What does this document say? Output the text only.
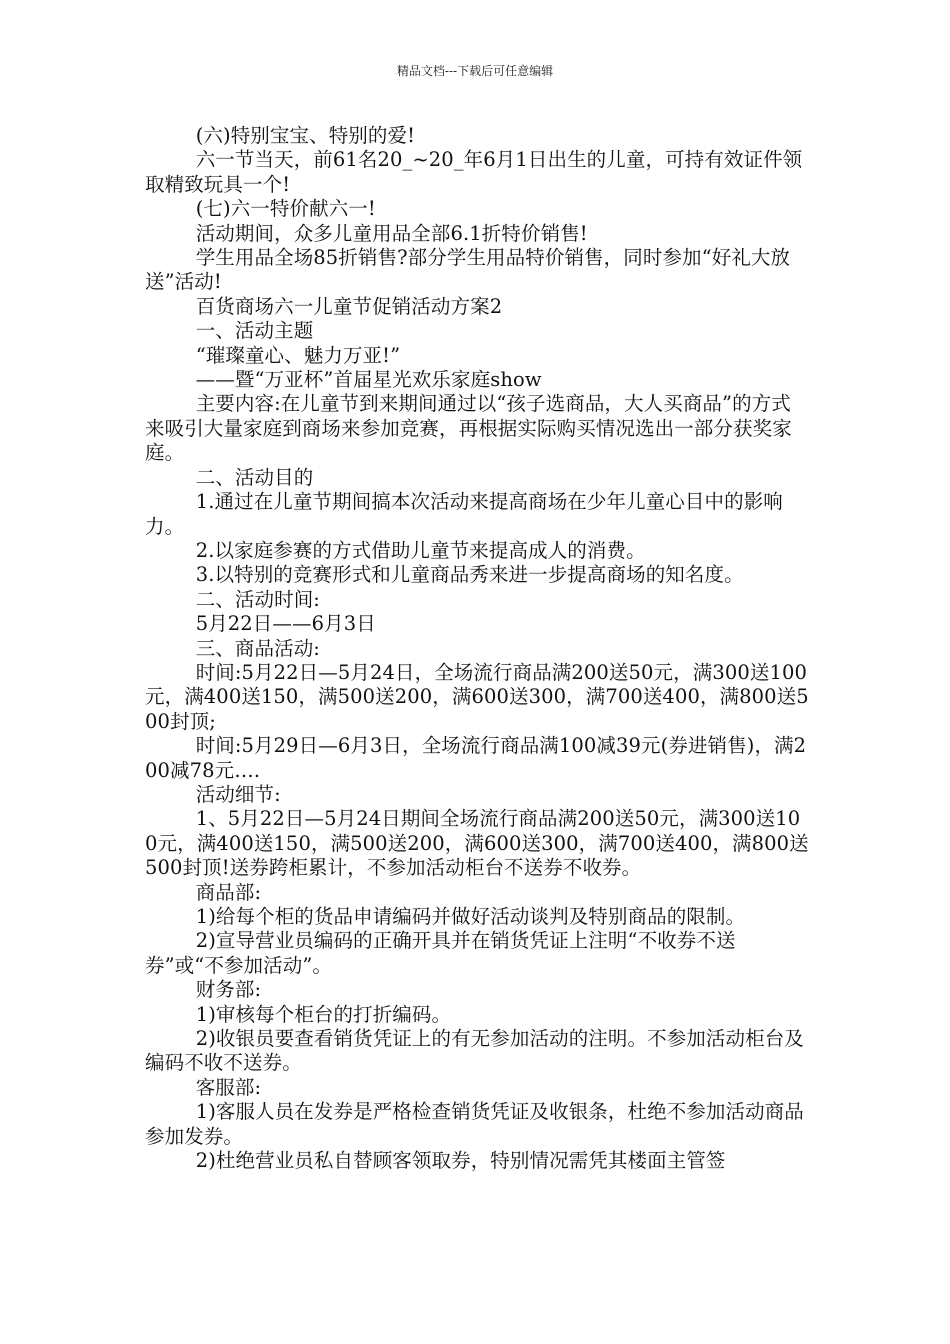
精品文档---下载后可任意编辑

(六)特别宝宝、特别的爱!

六一节当天，前61名20_~20_年6月1日出生的儿童，可持有效证件领取精致玩具一个!

(七)六一特价献六一!

活动期间，众多儿童用品全部6.1折特价销售!

学生用品全场85折销售?部分学生用品特价销售，同时参加“好礼大放送”活动!

百货商场六一儿童节促销活动方案2

一、活动主题

“璀璨童心、魅力万亚!”

——暨“万亚杯”首届星光欢乐家庭show

主要内容:在儿童节到来期间通过以“孩子选商品，大人买商品”的方式来吸引大量家庭到商场来参加竞赛，再根据实际购买情况选出一部分获奖家庭。

二、活动目的

1.通过在儿童节期间搞本次活动来提高商场在少年儿童心目中的影响力。

2.以家庭参赛的方式借助儿童节来提高成人的消费。

3.以特别的竞赛形式和儿童商品秀来进一步提高商场的知名度。

二、活动时间:

5月22日——6月3日

三、商品活动:

时间:5月22日—5月24日，全场流行商品满200送50元，满300送100元，满400送150，满500送200，满600送300，满700送400，满800送500封顶;

时间:5月29日—6月3日，全场流行商品满100减39元(券进销售)，满200减78元….

活动细节:

1、5月22日—5月24日期间全场流行商品满200送50元，满300送100元，满400送150，满500送200，满600送300，满700送400，满800送500封顶!送券跨柜累计，不参加活动柜台不送券不收券。

商品部:

1)给每个柜的货品申请编码并做好活动谈判及特别商品的限制。

2)宣导营业员编码的正确开具并在销货凭证上注明“不收券不送券”或“不参加活动”。

财务部:

1)审核每个柜台的打折编码。

2)收银员要查看销货凭证上的有无参加活动的注明。不参加活动柜台及编码不收不送券。

客服部:

1)客服人员在发券是严格检查销货凭证及收银条，杜绝不参加活动商品参加发券。

2)杜绝营业员私自替顾客领取券，特别情况需凭其楼面主管签
